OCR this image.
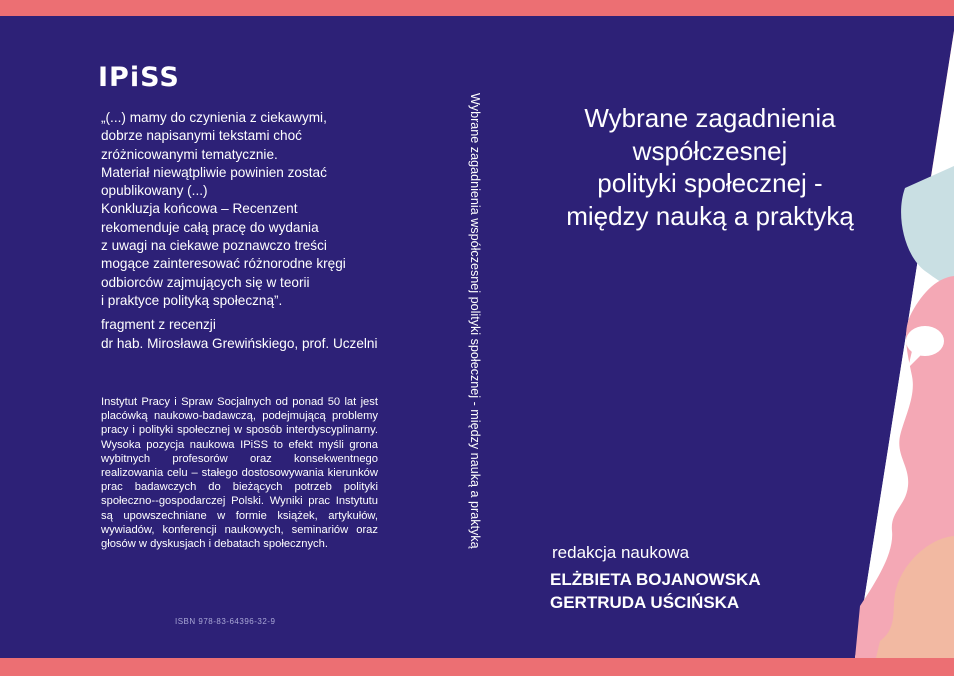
IPiSS
„(...) mamy do czynienia z ciekawymi,
dobrze napisanymi tekstami choć
zróżnicowanymi tematycznie.
Materiał niewątpliwie powinien zostać
opublikowany (...)
Konkluzja końcowa – Recenzent
rekomenduje całą pracę do wydania
z uwagi na ciekawe poznawczo treści
mogące zainteresować różnorodne kręgi
odbiorców zajmujących się w teorii
i praktyce polityką społeczną”.
fragment z recenzji
dr hab. Mirosława Grewińskiego, prof. Uczelni
Instytut Pracy i Spraw Socjalnych od ponad 50 lat jest placówką naukowo-badawczą, podejmującą problemy pracy i polityki społecznej w sposób interdyscyplinarny. Wysoka pozycja naukowa IPiSS to efekt myśli grona wybitnych profesorów oraz konsekwentnego realizowania celu – stałego dostosowywania kierunków prac badawczych do bieżących potrzeb polityki społeczno--gospodarczej Polski. Wyniki prac Instytutu są upowszechniane w formie książek, artykułów, wywiadów, konferencji naukowych, seminariów oraz głosów w dyskusjach i debatach społecznych.
ISBN 978-83-64396-32-9
Wybrane zagadnienia współczesnej polityki społecznej - między nauką a praktyką	Wybrane zagadnienia
współczesnej
polityki społecznej -
między nauką a praktyką
redakcja naukowa
ELŻBIETA BOJANOWSKA
GERTRUDA UŚCIŃSKA
